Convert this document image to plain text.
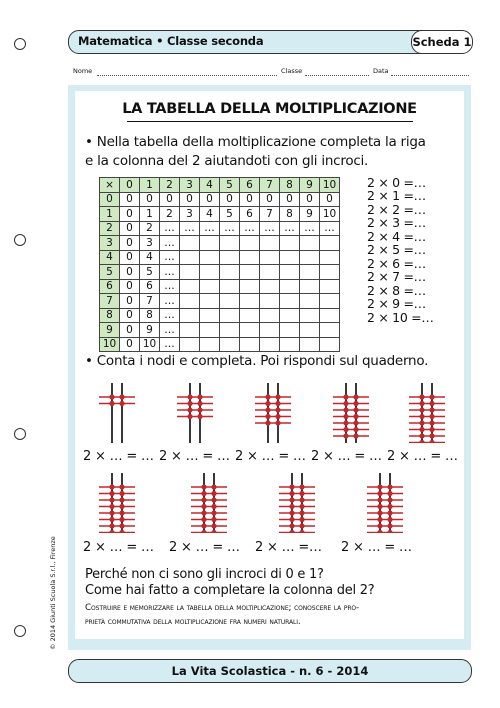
Matematica • Classe seconda	Scheda 1
Nome	Classe	Data
LA TABELLA DELLA MOLTIPLICAZIONE
• Nella tabella della moltiplicazione completa la riga
e la colonna del 2 aiutandoti con gli incroci.
×	0	1	2	3	4	5	6	7	8	9	10
0	0	0	0	0	0	0	0	0	0	0	0
1	0	1	2	3	4	5	6	7	8	9	10
2	0	2	…	…	…	…	…	…	…	…	…
3	0	3	…								
4	0	4	…								
5	0	5	…								
6	0	6	…								
7	0	7	…								
8	0	8	…								
9	0	9	…								
10	0	10	…								
2 × 0 =…
2 × 1 =…
2 × 2 =…
2 × 3 =…
2 × 4 =…
2 × 5 =…
2 × 6 =…
2 × 7 =…
2 × 8 =…
2 × 9 =…
2 × 10 =…
• Conta i nodi e completa. Poi rispondi sul quaderno.
2 × … = … 2 × … = … 2 × … = … 2 × … = … 2 × … = …
2 × … = … 2 × … = … 2 × … =… 2 × … = …
Perché non ci sono gli incroci di 0 e 1?
Come hai fatto a completare la colonna del 2?
Costruire e memorizzare la tabella della moltiplicazione; conoscere la pro-
prietà commutativa della moltiplicazione fra numeri naturali.
La Vita Scolastica - n. 6 - 2014
© 2014 Giunti Scuola S.r.l., Firenze
